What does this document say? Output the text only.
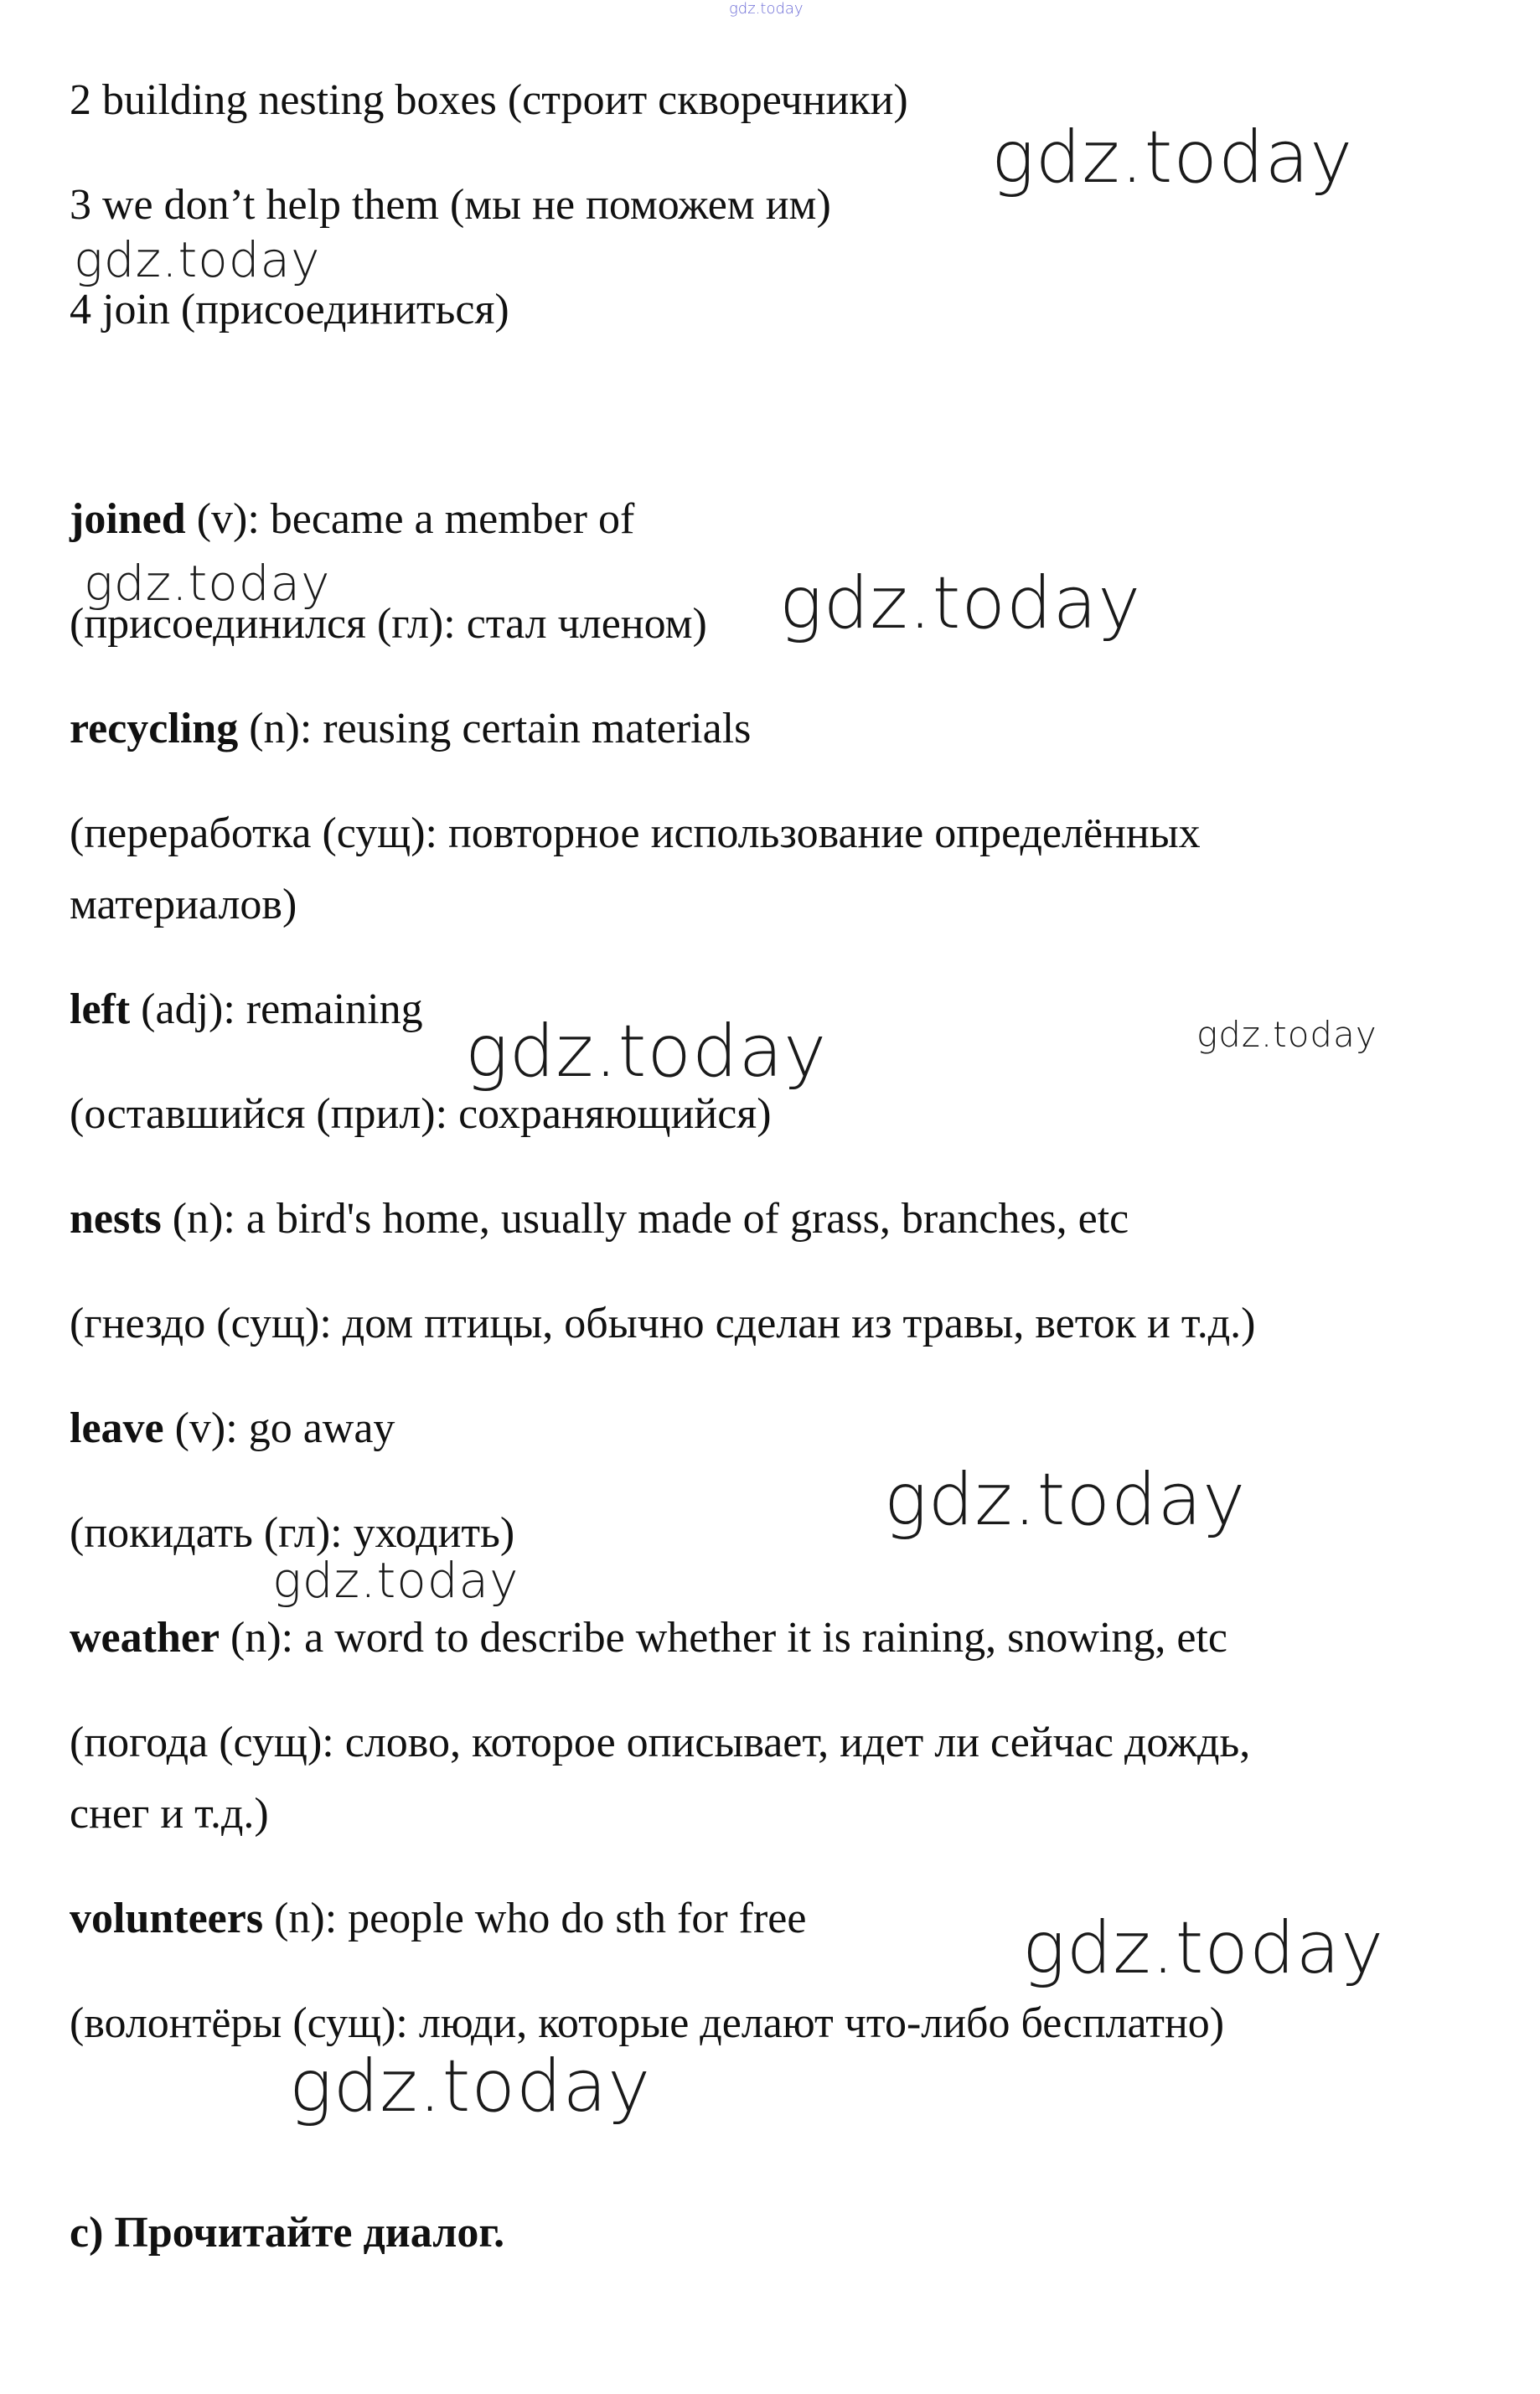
gdz.today
2 building nesting boxes (строит скворечники)
3 we don’t help them (мы не поможем им)
4 join (присоединиться)
joined (v): became a member of
(присоединился (гл): стал членом)
recycling (n): reusing certain materials
(переработка (сущ): повторное использование определённых
материалов)
left (adj): remaining
(оставшийся (прил): сохраняющийся)
nests (n): a bird's home, usually made of grass, branches, etc
(гнездо (сущ): дом птицы, обычно сделан из травы, веток и т.д.)
leave (v): go away
(покидать (гл): уходить)
weather (n): a word to describe whether it is raining, snowing, etc
(погода (сущ): слово, которое описывает, идет ли сейчас дождь,
снег и т.д.)
volunteers (n): people who do sth for free
(волонтёры (сущ): люди, которые делают что-либо бесплатно)
с) Прочитайте диалог.
gdz.today
gdz.today
gdz.today	gdz.today
gdz.today	gdz.today
gdz.today
gdz.today
gdz.today
gdz.today
